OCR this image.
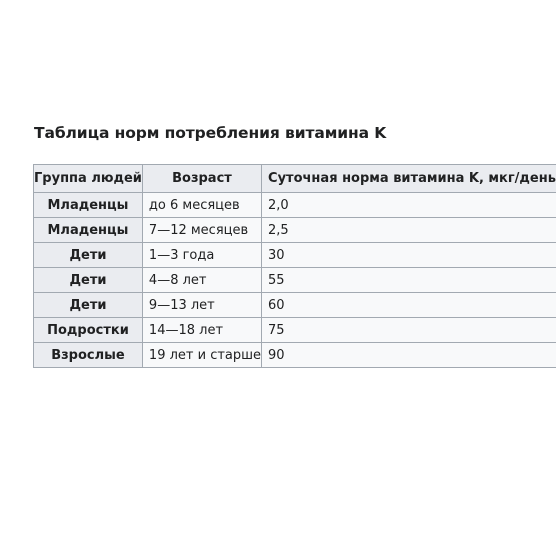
Таблица норм потребления витамина K
Группа людей	Возраст	Суточная норма витамина K, мкг/день
Младенцы	до 6 месяцев	2,0
Младенцы	7—12 месяцев	2,5
Дети	1—3 года	30
Дети	4—8 лет	55
Дети	9—13 лет	60
Подростки	14—18 лет	75
Взрослые	19 лет и старше	90
